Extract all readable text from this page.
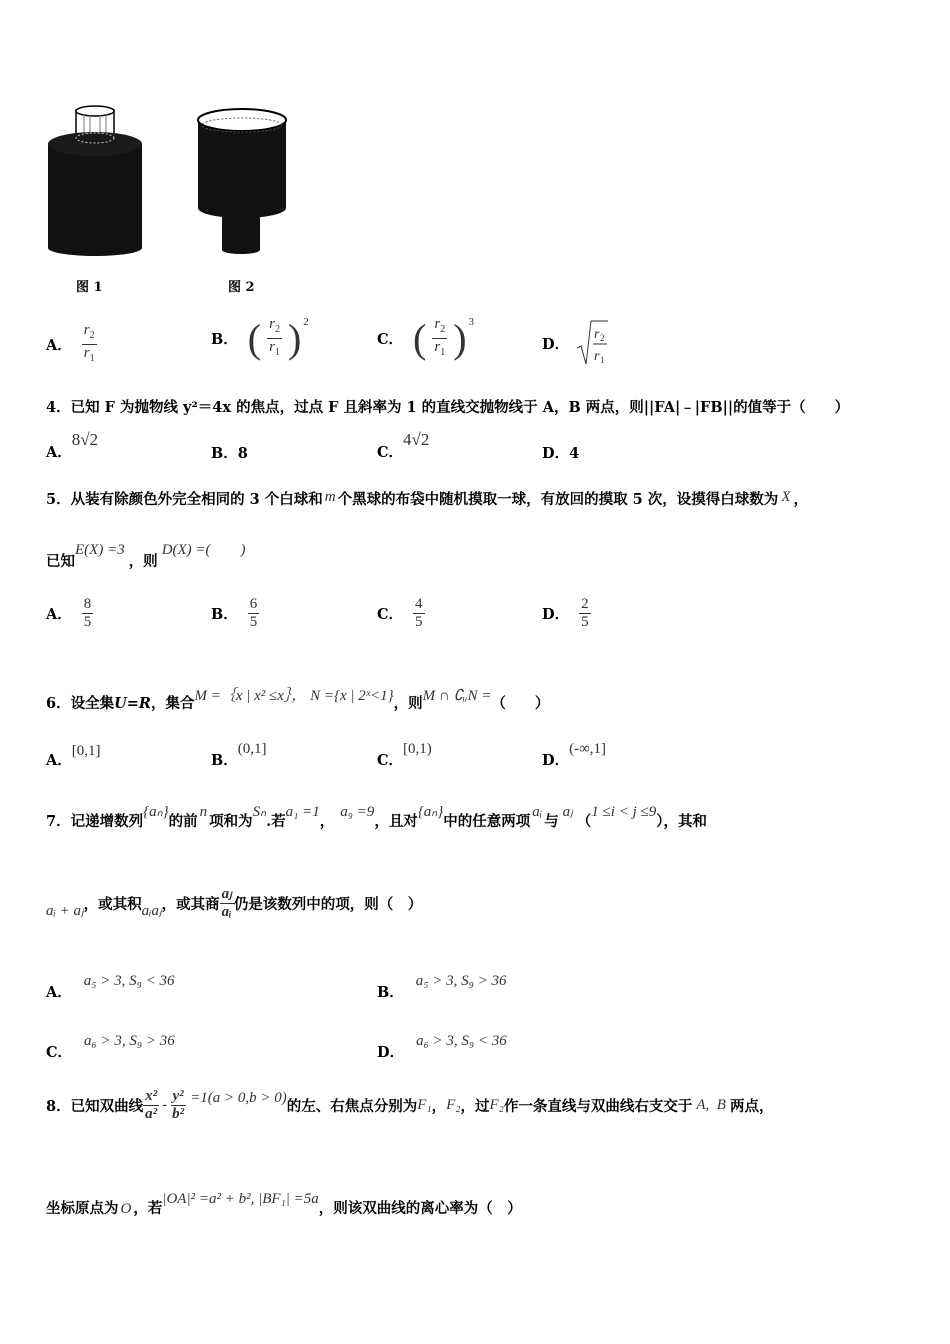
图 1	图 2
A． $\frac{r_2}{r_1}$	B． ( $\frac{r_2}{r_1}$ ) 2
C． ( $\frac{r_2}{r_1}$ ) 3
D．
r 2
r 1
4．已知 F 为抛物线 y²＝4x 的焦点，过点 F 且斜率为 1 的直线交抛物线于 A，B 两点，则||FA|﹣|FB||的值等于（　　）
A．8√2
B．8	C．4√2
D．4
5．从装有除颜色外完全相同的 3 个白球和 m 个黑球的布袋中随机摸取一球，有放回的摸取 5 次，设摸得白球数为 X ，
已知E(X) =3，则D(X) =(　　)
A． $\frac{8}{5}$	B． $\frac{6}{5}$	C． $\frac{4}{5}$	D． $\frac{2}{5}$
6．设全集U=R，集合M =｛x | x² ≤x｝， N ={x | 2ˣ<1}，则M ∩ ∁ᵤN =（　　）
A．[0,1]
B．(0,1]
C．[0,1)
D．(-∞,1]
7．记递增数列{aₙ}的前n项和为Sₙ.若a₁ =1，a₉ =9，且对{aₙ}中的任意两项aᵢ与aⱼ（1 ≤i < j ≤9），其和
aᵢ + aⱼ ，或其积 aᵢaⱼ ，或其商 $\frac{\text{aⱼ}}{\text{aᵢ}}$ 仍是该数列中的项，则（　）
A．a₅ > 3, S₉ < 36
B．a₅ > 3, S₉ > 36
C．a₆ > 3, S₉ > 36
D．a₆ > 3, S₉ < 36
8．已知双曲线 $\frac{\text{x²}}{\text{a²}} - \frac{\text{y²}}{\text{b²}} =1(a > 0,b > 0)$ 的左、右焦点分别为 F₁ ， F₂ ，过 F₂ 作一条直线与双曲线右支交于 A,  B 两点，
坐标原点为 O ，若|OA|² =a² + b², |BF₁| =5a，则该双曲线的离心率为（　）
